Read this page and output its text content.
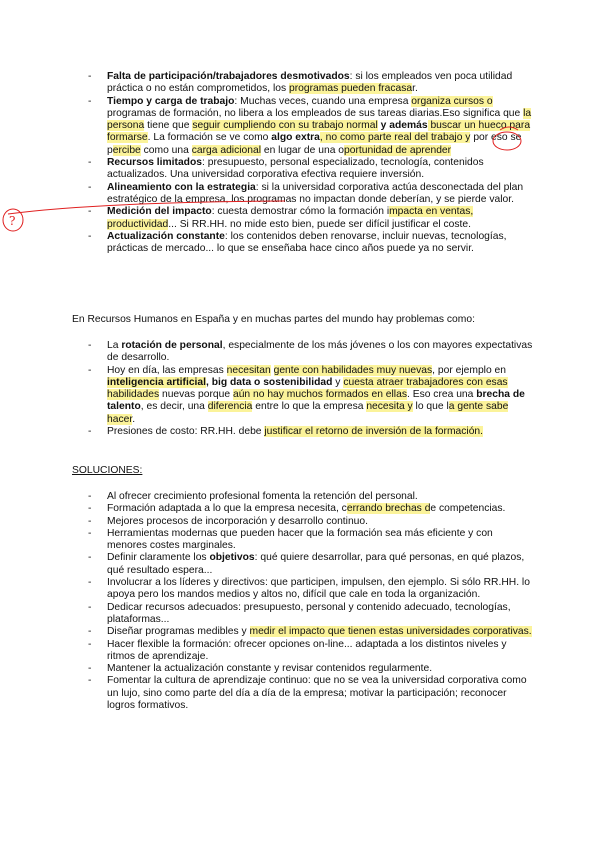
- Falta de participación/trabajadores desmotivados: si los empleados ven poca utilidad práctica o no están comprometidos, los programas pueden fracasar.
- Tiempo y carga de trabajo: Muchas veces, cuando una empresa organiza cursos o programas de formación, no libera a los empleados de sus tareas diarias.Eso significa que la persona tiene que seguir cumpliendo con su trabajo normal y además buscar un hueco para formarse. La formación se ve como algo extra, no como parte real del trabajo y por eso se percibe como una carga adicional en lugar de una oportunidad de aprender
- Recursos limitados: presupuesto, personal especializado, tecnología, contenidos actualizados. Una universidad corporativa efectiva requiere inversión.
- Alineamiento con la estrategia: si la universidad corporativa actúa desconectada del plan estratégico de la empresa, los programas no impactan donde deberían, y se pierde valor.
- Medición del impacto: cuesta demostrar cómo la formación impacta en ventas, productividad... Si RR.HH. no mide esto bien, puede ser difícil justificar el coste.
- Actualización constante: los contenidos deben renovarse, incluir nuevas, tecnologías, prácticas de mercado... lo que se enseñaba hace cinco años puede ya no servir.

En Recursos Humanos en España y en muchas partes del mundo hay problemas como:

- La rotación de personal, especialmente de los más jóvenes o los con mayores expectativas de desarrollo.
- Hoy en día, las empresas necesitan gente con habilidades muy nuevas, por ejemplo en inteligencia artificial, big data o sostenibilidad y cuesta atraer trabajadores con esas habilidades nuevas porque aún no hay muchos formados en ellas. Eso crea una brecha de talento, es decir, una diferencia entre lo que la empresa necesita y lo que la gente sabe hacer.
- Presiones de costo: RR.HH. debe justificar el retorno de inversión de la formación.

SOLUCIONES:

- Al ofrecer crecimiento profesional fomenta la retención del personal.
- Formación adaptada a lo que la empresa necesita, cerrando brechas de competencias.
- Mejores procesos de incorporación y desarrollo continuo.
- Herramientas modernas que pueden hacer que la formación sea más eficiente y con menores costes marginales.
- Definir claramente los objetivos: qué quiere desarrollar, para qué personas, en qué plazos, qué resultado espera...
- Involucrar a los líderes y directivos: que participen, impulsen, den ejemplo. Si sólo RR.HH. lo apoya pero los mandos medios y altos no, difícil que cale en toda la organización.
- Dedicar recursos adecuados: presupuesto, personal y contenido adecuado, tecnologías, plataformas...
- Diseñar programas medibles y medir el impacto que tienen estas universidades corporativas.
- Hacer flexible la formación: ofrecer opciones on-line... adaptada a los distintos niveles y ritmos de aprendizaje.
- Mantener la actualización constante y revisar contenidos regularmente.
- Fomentar la cultura de aprendizaje continuo: que no se vea la universidad corporativa como un lujo, sino como parte del día a día de la empresa; motivar la participación; reconocer logros formativos.
?
